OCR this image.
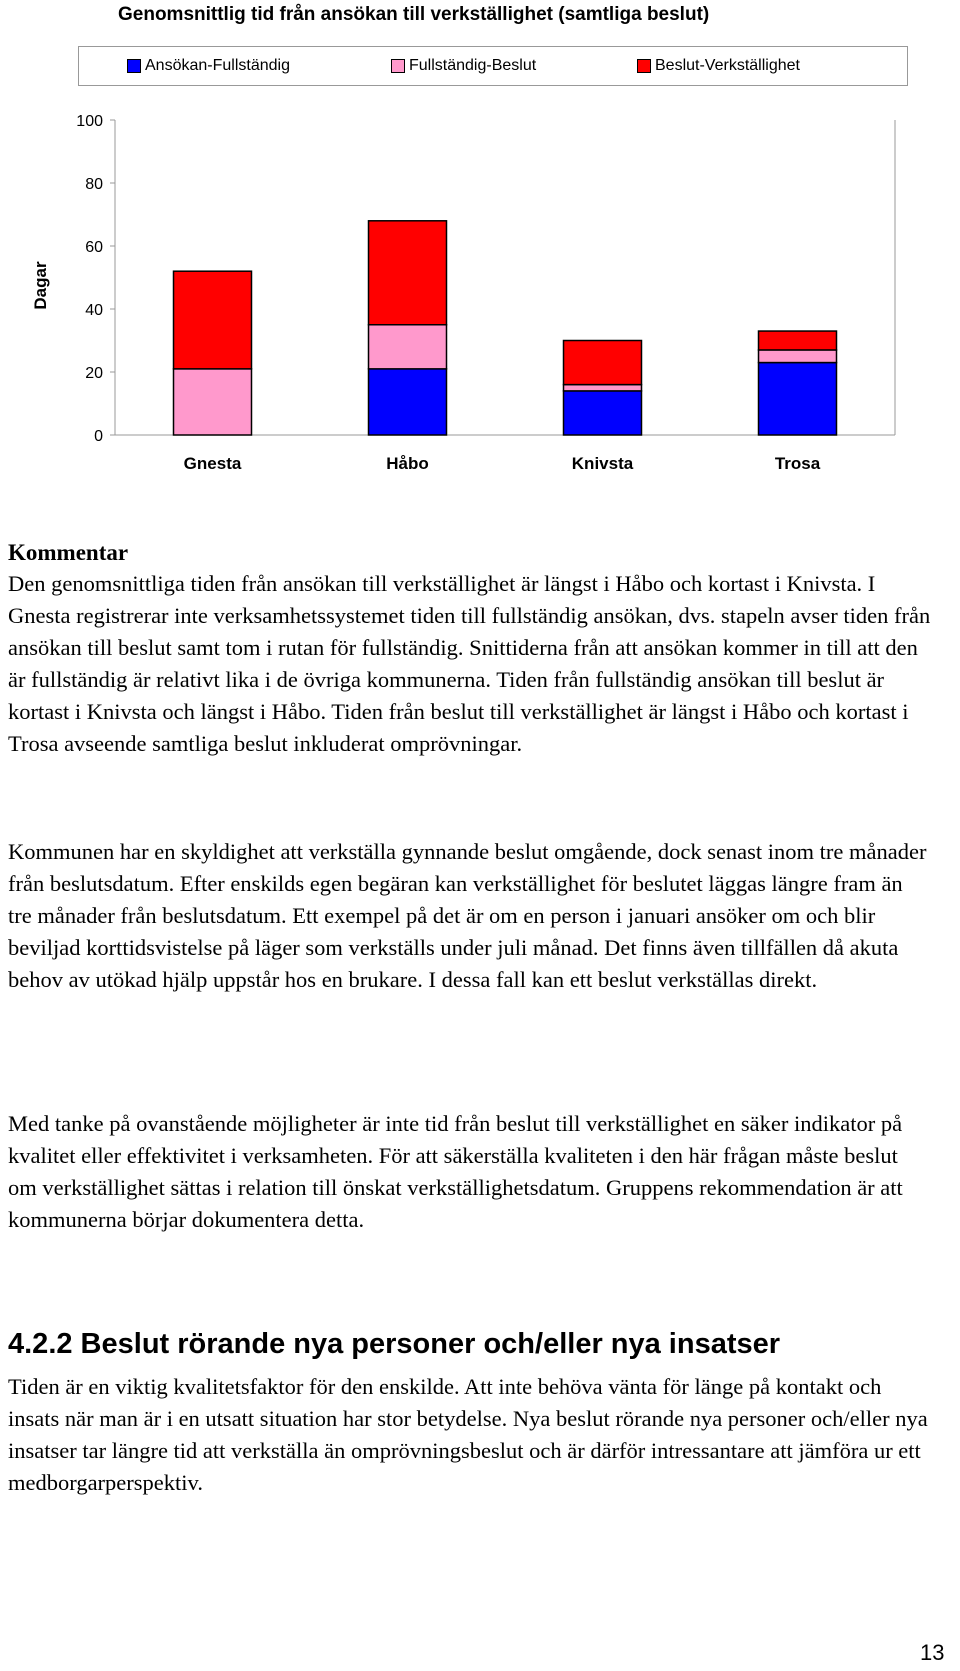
Genomsnittlig tid från ansökan till verkställighet (samtliga beslut)
Ansökan-Fullständig	Fullständig-Beslut	Beslut-Verkställighet
0
20
40
60
80
100
Dagar
Gnesta	Håbo	Knivsta	Trosa
Kommentar
Den genomsnittliga tiden från ansökan till verkställighet är längst i Håbo och kortast i Knivsta. I Gnesta registrerar inte verksamhetssystemet tiden till fullständig ansökan, dvs. stapeln avser tiden från ansökan till beslut samt tom i rutan för fullständig. Snittiderna från att ansökan kommer in till att den är fullständig är relativt lika i de övriga kommunerna. Tiden från fullständig ansökan till beslut är kortast i Knivsta och längst i Håbo. Tiden från beslut till verkställighet är längst i Håbo och kortast i Trosa avseende samtliga beslut inkluderat omprövningar.
Kommunen har en skyldighet att verkställa gynnande beslut omgående, dock senast inom tre månader från beslutsdatum. Efter enskilds egen begäran kan verkställighet för beslutet läggas längre fram än tre månader från beslutsdatum. Ett exempel på det är om en person i januari ansöker om och blir beviljad korttidsvistelse på läger som verkställs under juli månad. Det finns även tillfällen då akuta behov av utökad hjälp uppstår hos en brukare. I dessa fall kan ett beslut verkställas direkt.
Med tanke på ovanstående möjligheter är inte tid från beslut till verkställighet en säker indikator på kvalitet eller effektivitet i verksamheten. För att säkerställa kvaliteten i den här frågan måste beslut om verkställighet sättas i relation till önskat verkställighetsdatum. Gruppens rekommendation är att kommunerna börjar dokumentera detta.
4.2.2 Beslut rörande nya personer och/eller nya insatser
Tiden är en viktig kvalitetsfaktor för den enskilde. Att inte behöva vänta för länge på kontakt och insats när man är i en utsatt situation har stor betydelse. Nya beslut rörande nya personer och/eller nya insatser tar längre tid att verkställa än omprövningsbeslut och är därför intressantare att jämföra ur ett medborgarperspektiv.
13
